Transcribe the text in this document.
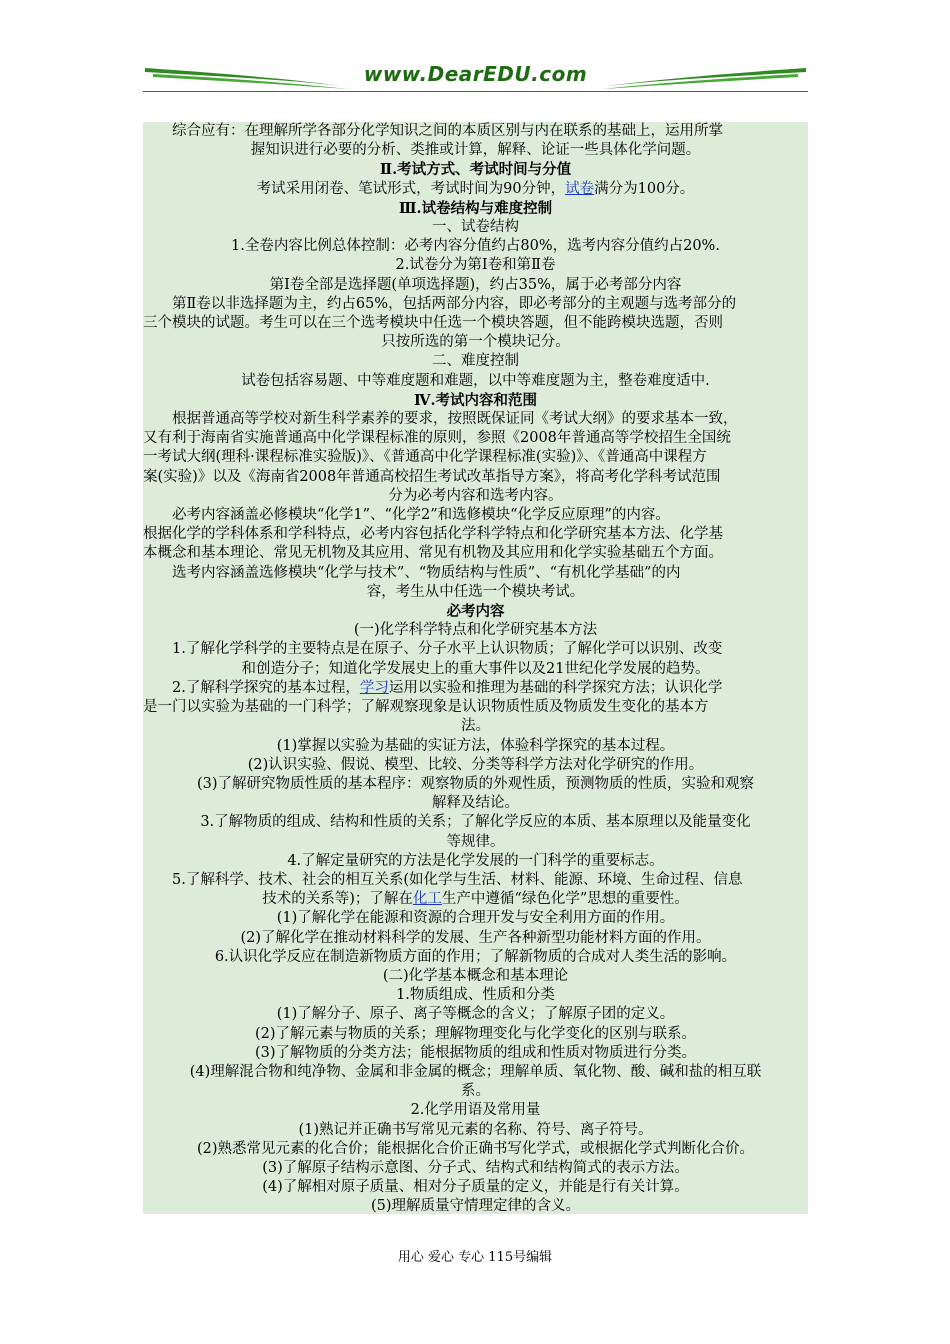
www.DearEDU.com

综合应有：在理解所学各部分化学知识之间的本质区别与内在联系的基础上，运用所掌

握知识进行必要的分析、类推或计算，解释、论证一些具体化学问题。

Ⅱ.考试方式、考试时间与分值

考试采用闭卷、笔试形式，考试时间为90分钟，试卷满分为100分。

Ⅲ.试卷结构与难度控制

一、试卷结构

1.全卷内容比例总体控制：必考内容分值约占80%，选考内容分值约占20%.

2.试卷分为第Ⅰ卷和第Ⅱ卷

第Ⅰ卷全部是选择题(单项选择题)，约占35%，属于必考部分内容

第Ⅱ卷以非选择题为主，约占65%，包括两部分内容，即必考部分的主观题与选考部分的

三个模块的试题。考生可以在三个选考模块中任选一个模块答题，但不能跨模块选题，否则

只按所选的第一个模块记分。

二、难度控制

试卷包括容易题、中等难度题和难题，以中等难度题为主，整卷难度适中.

Ⅳ.考试内容和范围

根据普通高等学校对新生科学素养的要求，按照既保证同《考试大纲》的要求基本一致，

又有利于海南省实施普通高中化学课程标准的原则，参照《2008年普通高等学校招生全国统

一考试大纲(理科·课程标准实验版)》、《普通高中化学课程标准(实验)》、《普通高中课程方

案(实验)》以及《海南省2008年普通高校招生考试改革指导方案》，将高考化学科考试范围

分为必考内容和选考内容。

必考内容涵盖必修模块“化学1”、“化学2”和选修模块“化学反应原理”的内容。

根据化学的学科体系和学科特点，必考内容包括化学科学特点和化学研究基本方法、化学基

本概念和基本理论、常见无机物及其应用、常见有机物及其应用和化学实验基础五个方面。

选考内容涵盖选修模块“化学与技术”、“物质结构与性质”、“有机化学基础”的内

容，考生从中任选一个模块考试。

必考内容

(一)化学科学特点和化学研究基本方法

1.了解化学科学的主要特点是在原子、分子水平上认识物质；了解化学可以识别、改变

和创造分子；知道化学发展史上的重大事件以及21世纪化学发展的趋势。

2.了解科学探究的基本过程，学习运用以实验和推理为基础的科学探究方法；认识化学

是一门以实验为基础的一门科学；了解观察现象是认识物质性质及物质发生变化的基本方

法。

(1)掌握以实验为基础的实证方法，体验科学探究的基本过程。

(2)认识实验、假说、模型、比较、分类等科学方法对化学研究的作用。

(3)了解研究物质性质的基本程序：观察物质的外观性质，预测物质的性质，实验和观察

解释及结论。

3.了解物质的组成、结构和性质的关系；了解化学反应的本质、基本原理以及能量变化

等规律。

4.了解定量研究的方法是化学发展的一门科学的重要标志。

5.了解科学、技术、社会的相互关系(如化学与生活、材料、能源、环境、生命过程、信息

技术的关系等)；了解在化工生产中遵循“绿色化学”思想的重要性。

(1)了解化学在能源和资源的合理开发与安全利用方面的作用。

(2)了解化学在推动材料科学的发展、生产各种新型功能材料方面的作用。

6.认识化学反应在制造新物质方面的作用；了解新物质的合成对人类生活的影响。

(二)化学基本概念和基本理论

1.物质组成、性质和分类

(1)了解分子、原子、离子等概念的含义；了解原子团的定义。

(2)了解元素与物质的关系；理解物理变化与化学变化的区别与联系。

(3)了解物质的分类方法；能根据物质的组成和性质对物质进行分类。

(4)理解混合物和纯净物、金属和非金属的概念；理解单质、氧化物、酸、碱和盐的相互联

系。

2.化学用语及常用量

(1)熟记并正确书写常见元素的名称、符号、离子符号。

(2)熟悉常见元素的化合价；能根据化合价正确书写化学式，或根据化学式判断化合价。

(3)了解原子结构示意图、分子式、结构式和结构简式的表示方法。

(4)了解相对原子质量、相对分子质量的定义，并能是行有关计算。

(5)理解质量守情理定律的含义。

用心 爱心 专心 115号编辑
